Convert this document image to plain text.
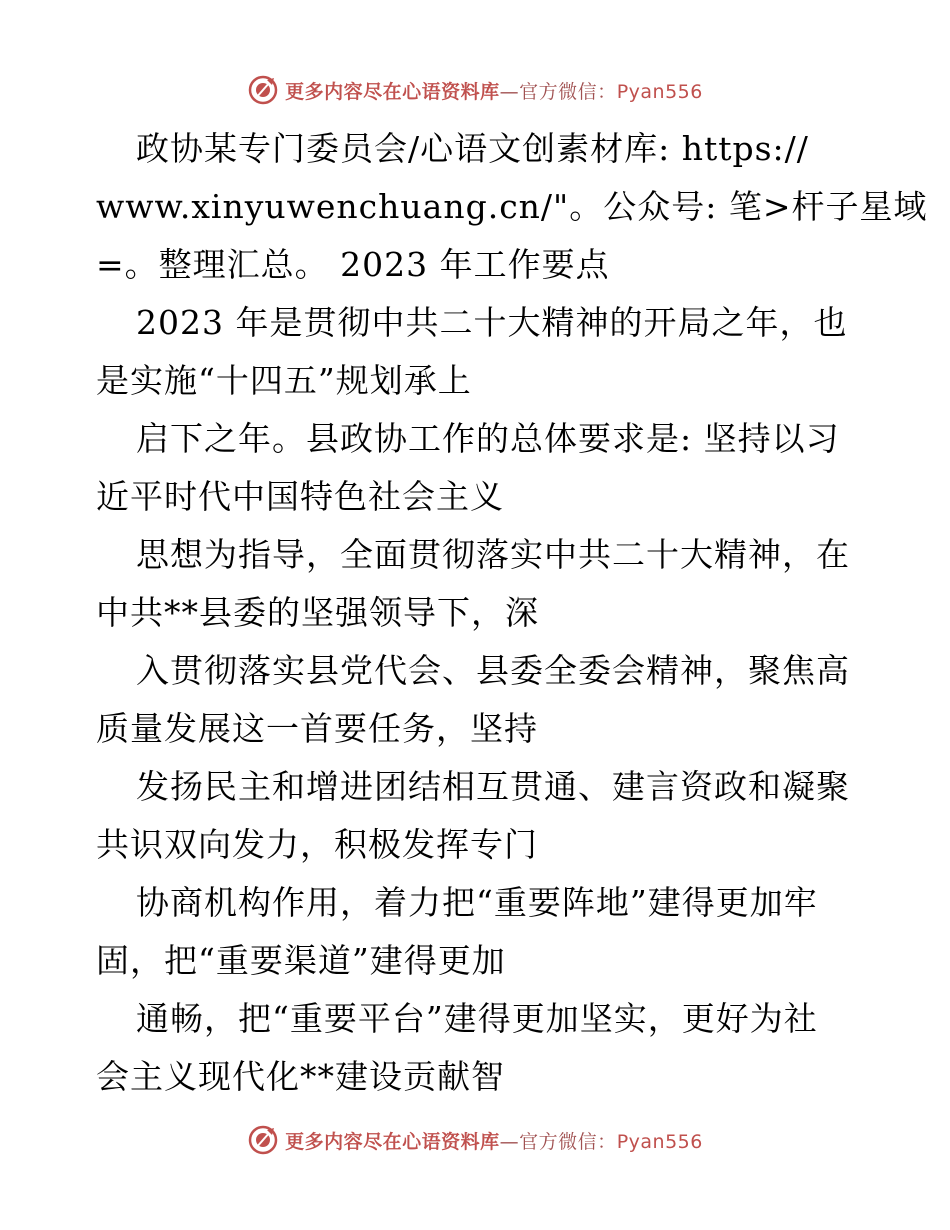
更多内容尽在心语资料库—官方微信：Pyan556
政协某专门委员会/心语文创素材库: https://
www.xinyuwenchuang.cn/"。公众号: 笔>杆子星域
=。整理汇总。 2023 年工作要点
2023 年是贯彻中共二十大精神的开局之年，也
是实施“十四五”规划承上
启下之年。县政协工作的总体要求是: 坚持以习
近平时代中国特色社会主义
思想为指导，全面贯彻落实中共二十大精神，在
中共**县委的坚强领导下，深
入贯彻落实县党代会、县委全委会精神，聚焦高
质量发展这一首要任务，坚持
发扬民主和增进团结相互贯通、建言资政和凝聚
共识双向发力，积极发挥专门
协商机构作用，着力把“重要阵地”建得更加牢
固，把“重要渠道”建得更加
通畅，把“重要平台”建得更加坚实，更好为社
会主义现代化**建设贡献智
更多内容尽在心语资料库—官方微信：Pyan556
